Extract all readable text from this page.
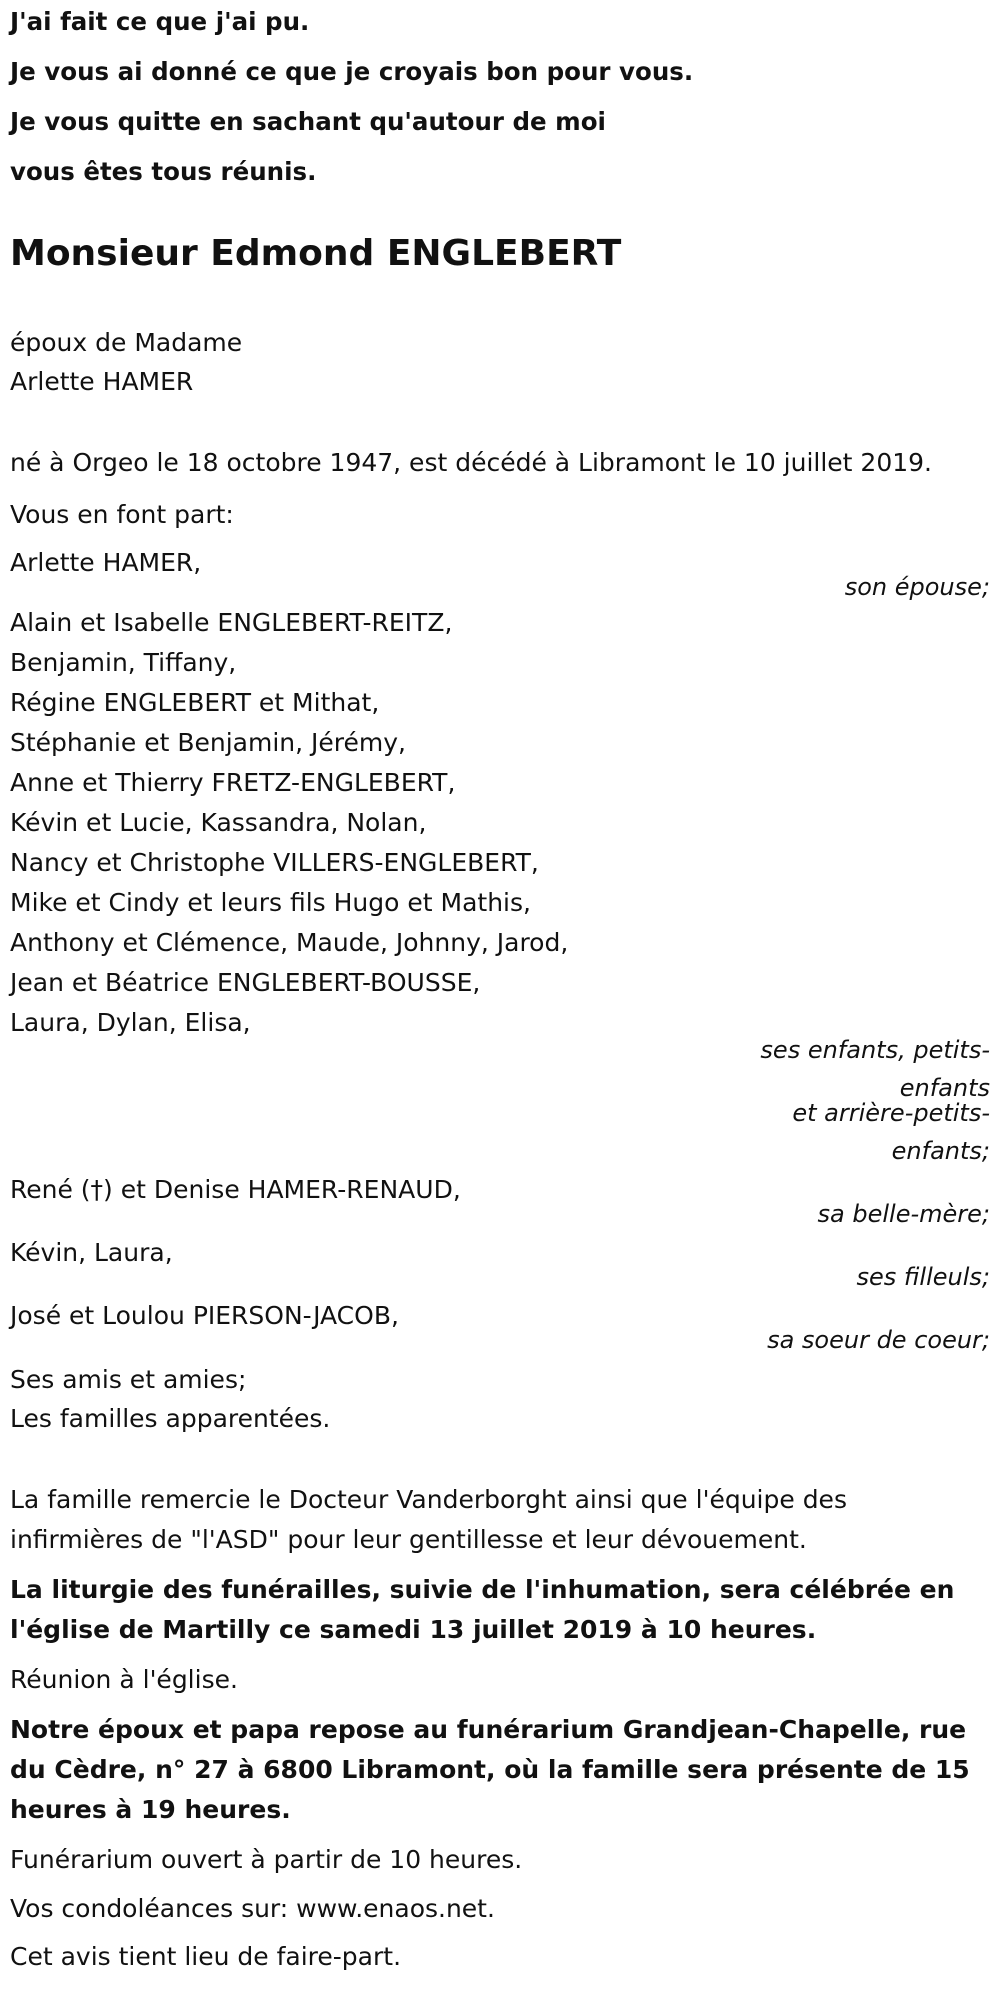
J'ai fait ce que j'ai pu.
Je vous ai donné ce que je croyais bon pour vous.
Je vous quitte en sachant qu'autour de moi
vous êtes tous réunis.
Monsieur Edmond ENGLEBERT
époux de Madame
Arlette HAMER
né à Orgeo le 18 octobre 1947, est décédé à Libramont le 10 juillet 2019.
Vous en font part:
Arlette HAMER,
son épouse;
Alain et Isabelle ENGLEBERT-REITZ,
Benjamin, Tiffany,
Régine ENGLEBERT et Mithat,
Stéphanie et Benjamin, Jérémy,
Anne et Thierry FRETZ-ENGLEBERT,
Kévin et Lucie, Kassandra, Nolan,
Nancy et Christophe VILLERS-ENGLEBERT,
Mike et Cindy et leurs fils Hugo et Mathis,
Anthony et Clémence, Maude, Johnny, Jarod,
Jean et Béatrice ENGLEBERT-BOUSSE,
Laura, Dylan, Elisa,
ses enfants, petits-
enfants
et arrière-petits-
enfants;
René (†) et Denise HAMER-RENAUD,
sa belle-mère;
Kévin, Laura,
ses filleuls;
José et Loulou PIERSON-JACOB,
sa soeur de coeur;
Ses amis et amies;
Les familles apparentées.
La famille remercie le Docteur Vanderborght ainsi que l'équipe des
infirmières de "l'ASD" pour leur gentillesse et leur dévouement.
La liturgie des funérailles, suivie de l'inhumation, sera célébrée en
l'église de Martilly ce samedi 13 juillet 2019 à 10 heures.
Réunion à l'église.
Notre époux et papa repose au funérarium Grandjean-Chapelle, rue
du Cèdre, n° 27 à 6800 Libramont, où la famille sera présente de 15
heures à 19 heures.
Funérarium ouvert à partir de 10 heures.
Vos condoléances sur: www.enaos.net.
Cet avis tient lieu de faire-part.
